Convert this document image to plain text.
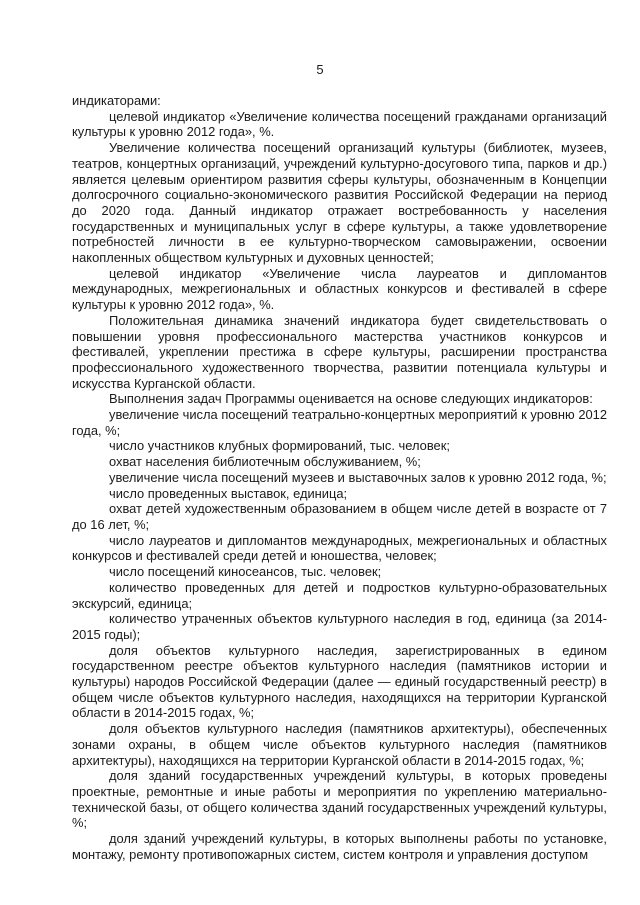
5

индикаторами:

целевой индикатор «Увеличение количества посещений гражданами организаций культуры к уровню 2012 года», %.

Увеличение количества посещений организаций культуры (библиотек, музеев, театров, концертных организаций, учреждений культурно-досугового типа, парков и др.) является целевым ориентиром развития сферы культуры, обозначенным в Концепции долгосрочного социально-экономического развития Российской Федерации на период до 2020 года. Данный индикатор отражает востребованность у населения государственных и муниципальных услуг в сфере культуры, а также удовлетворение потребностей личности в ее культурно-творческом самовыражении, освоении накопленных обществом культурных и духовных ценностей;

целевой индикатор «Увеличение числа лауреатов и дипломантов международных, межрегиональных и областных конкурсов и фестивалей в сфере культуры к уровню 2012 года», %.

Положительная динамика значений индикатора будет свидетельствовать о повышении уровня профессионального мастерства участников конкурсов и фестивалей, укреплении престижа в сфере культуры, расширении пространства профессионального художественного творчества, развитии потенциала культуры и искусства Курганской области.

Выполнения задач Программы оценивается на основе следующих индикаторов:

увеличение числа посещений театрально-концертных мероприятий к уровню 2012 года, %;

число участников клубных формирований, тыс. человек;

охват населения библиотечным обслуживанием, %;

увеличение числа посещений музеев и выставочных залов к уровню 2012 года, %;

число проведенных выставок, единица;

охват детей художественным образованием в общем числе детей в возрасте от 7 до 16 лет, %;

число лауреатов и дипломантов международных, межрегиональных и областных конкурсов и фестивалей среди детей и юношества, человек;

число посещений киносеансов, тыс. человек;

количество проведенных для детей и подростков культурно-образовательных экскурсий, единица;

количество утраченных объектов культурного наследия в год, единица (за 2014-2015 годы);

доля объектов культурного наследия, зарегистрированных в едином государственном реестре объектов культурного наследия (памятников истории и культуры) народов Российской Федерации (далее — единый государственный реестр) в общем числе объектов культурного наследия, находящихся на территории Курганской области в 2014-2015 годах, %;

доля объектов культурного наследия (памятников архитектуры), обеспеченных зонами охраны, в общем числе объектов культурного наследия (памятников архитектуры), находящихся на территории Курганской области в 2014-2015 годах, %;

доля зданий государственных учреждений культуры, в которых проведены проектные, ремонтные и иные работы и мероприятия по укреплению материально-технической базы, от общего количества зданий государственных учреждений культуры, %;

доля зданий учреждений культуры, в которых выполнены работы по установке, монтажу, ремонту противопожарных систем, систем контроля и управления доступом
